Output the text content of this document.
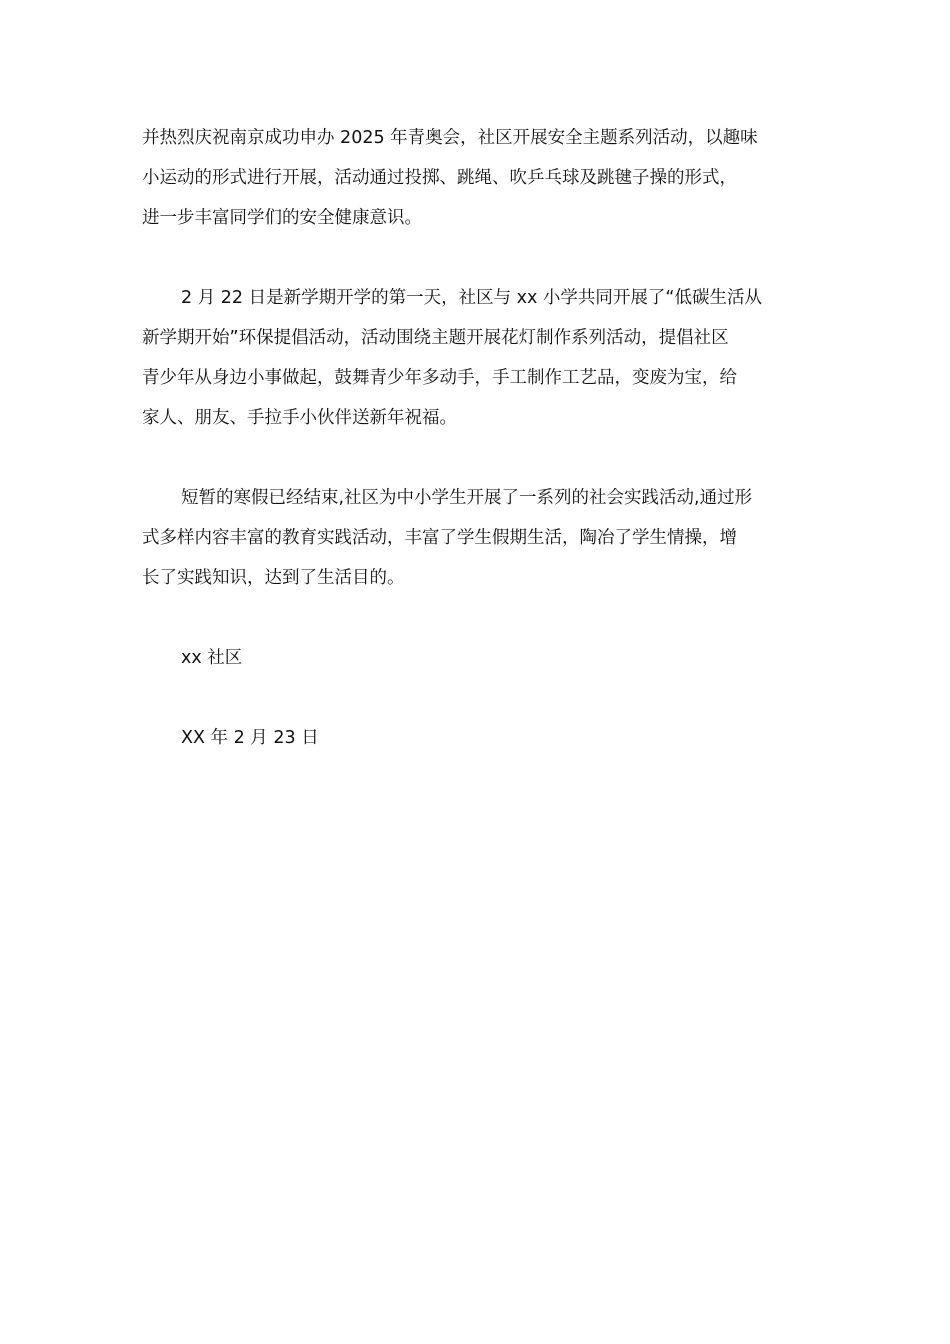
并热烈庆祝南京成功申办 2025 年青奥会，社区开展安全主题系列活动，以趣味
小运动的形式进行开展，活动通过投掷、跳绳、吹乒乓球及跳毽子操的形式，
进一步丰富同学们的安全健康意识。
2 月 22 日是新学期开学的第一天，社区与 xx 小学共同开展了“低碳生活从
新学期开始”环保提倡活动，活动围绕主题开展花灯制作系列活动，提倡社区
青少年从身边小事做起，鼓舞青少年多动手，手工制作工艺品，变废为宝，给
家人、朋友、手拉手小伙伴送新年祝福。
短暂的寒假已经结束,社区为中小学生开展了一系列的社会实践活动,通过形
式多样内容丰富的教育实践活动，丰富了学生假期生活，陶冶了学生情操，增
长了实践知识，达到了生活目的。
xx 社区
XX 年 2 月 23 日
